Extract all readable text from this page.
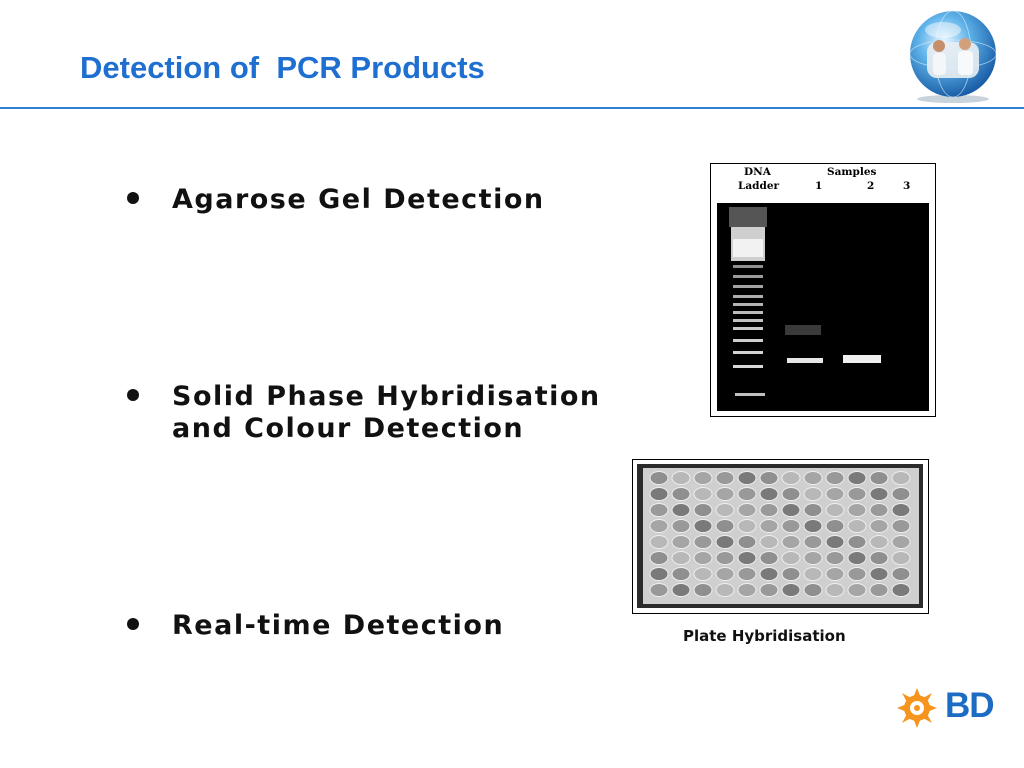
Detection of  PCR Products
Agarose Gel Detection
Solid Phase Hybridisation
and Colour Detection
Real-time Detection
DNA
Ladder
Samples
1	2	3
Plate Hybridisation
BD
